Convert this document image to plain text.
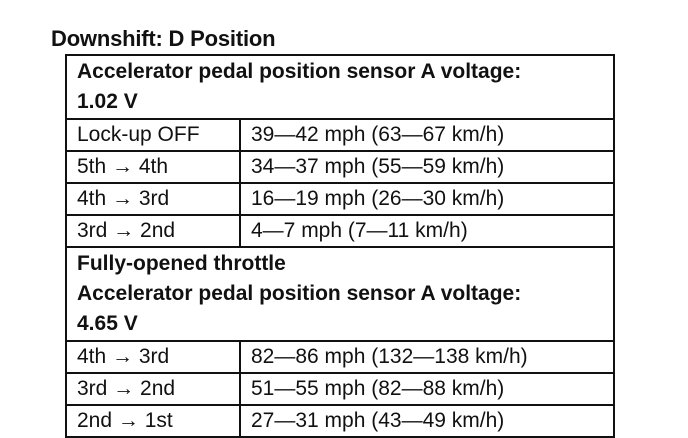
Downshift: D Position
Accelerator pedal position sensor A voltage:
1.02 V	

Lock-up OFF	39—42 mph (63—67 km/h)
5th → 4th	34—37 mph (55—59 km/h)
4th → 3rd	16—19 mph (26—30 km/h)
3rd → 2nd	4—7 mph (7—11 km/h)

Fully-opened throttle
Accelerator pedal position sensor A voltage:
4.65 V	

4th → 3rd	82—86 mph (132—138 km/h)
3rd → 2nd	51—55 mph (82—88 km/h)
2nd → 1st	27—31 mph (43—49 km/h)
